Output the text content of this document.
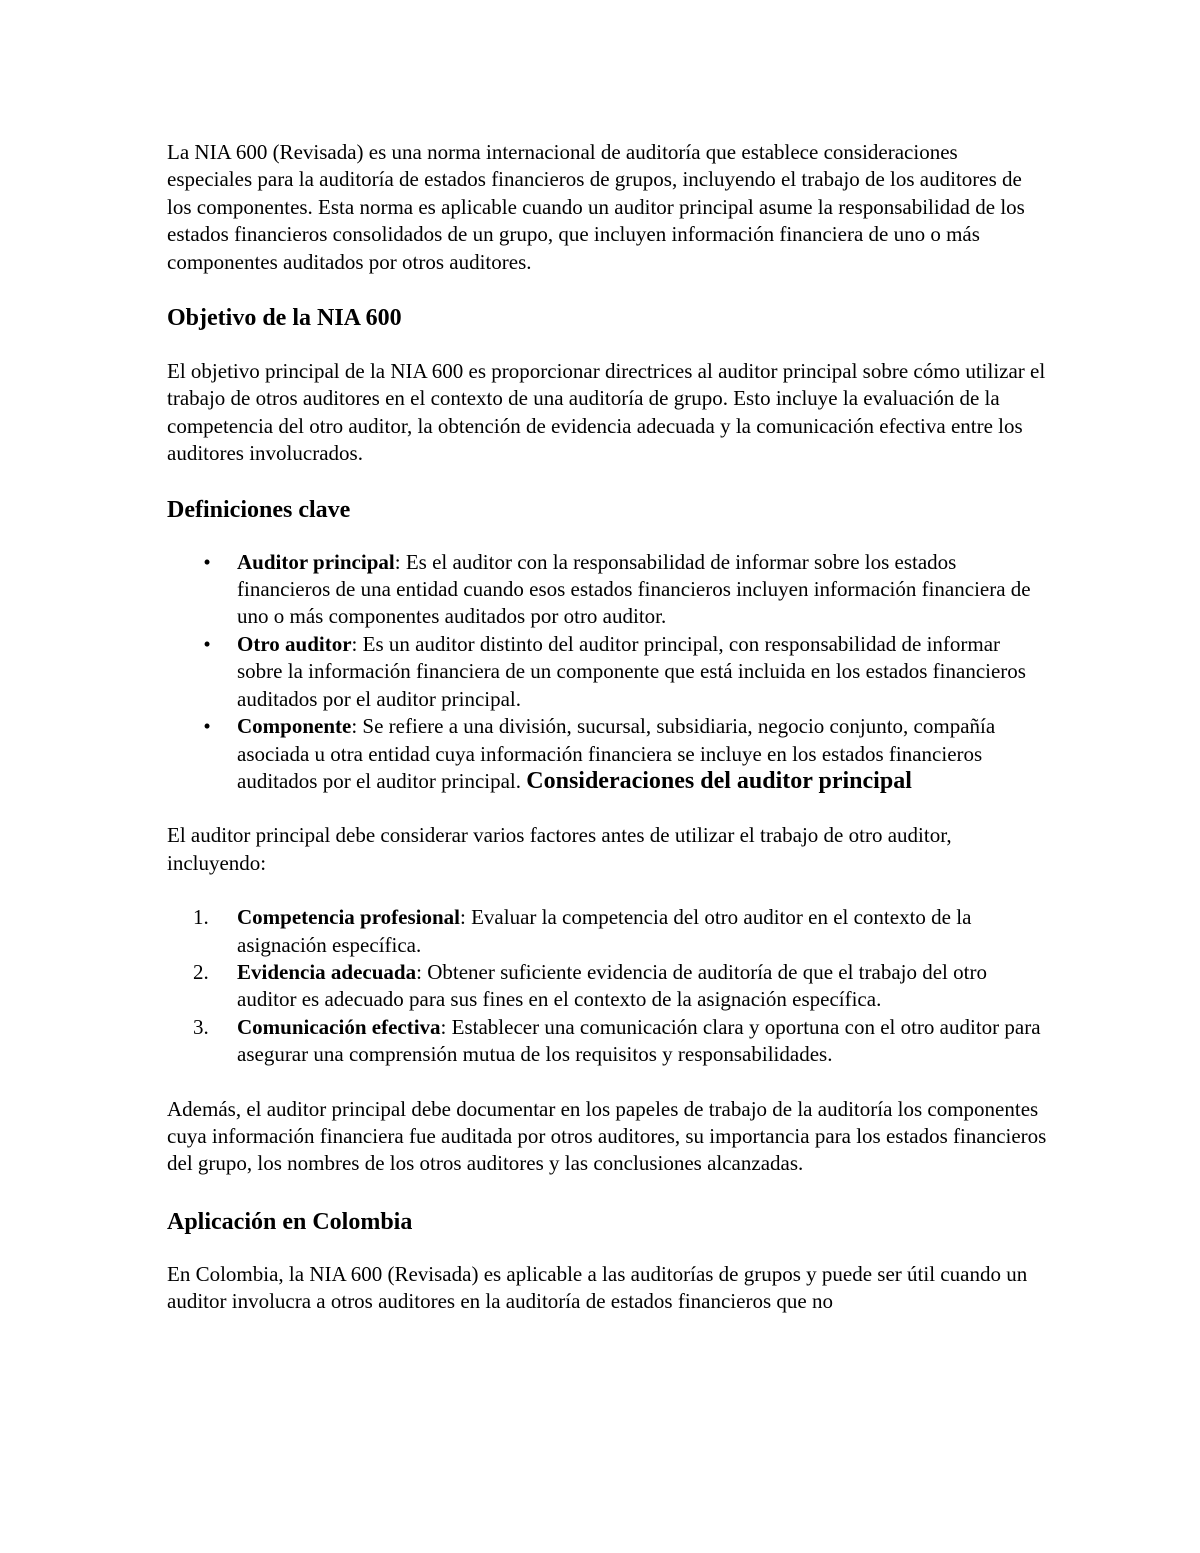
La NIA 600 (Revisada) es una norma internacional de auditoría que establece consideraciones especiales para la auditoría de estados financieros de grupos, incluyendo el trabajo de los auditores de los componentes. Esta norma es aplicable cuando un auditor principal asume la responsabilidad de los estados financieros consolidados de un grupo, que incluyen información financiera de uno o más componentes auditados por otros auditores.

Objetivo de la NIA 600

El objetivo principal de la NIA 600 es proporcionar directrices al auditor principal sobre cómo utilizar el trabajo de otros auditores en el contexto de una auditoría de grupo. Esto incluye la evaluación de la competencia del otro auditor, la obtención de evidencia adecuada y la comunicación efectiva entre los auditores involucrados.

Definiciones clave
• Auditor principal: Es el auditor con la responsabilidad de informar sobre los estados financieros de una entidad cuando esos estados financieros incluyen información financiera de uno o más componentes auditados por otro auditor.
• Otro auditor: Es un auditor distinto del auditor principal, con responsabilidad de informar sobre la información financiera de un componente que está incluida en los estados financieros auditados por el auditor principal.
• Componente: Se refiere a una división, sucursal, subsidiaria, negocio conjunto, compañía asociada u otra entidad cuya información financiera se incluye en los estados financieros auditados por el auditor principal. Consideraciones del auditor principal

El auditor principal debe considerar varios factores antes de utilizar el trabajo de otro auditor, incluyendo:

1.	Competencia profesional: Evaluar la competencia del otro auditor en el contexto de la asignación específica.
2.	Evidencia adecuada: Obtener suficiente evidencia de auditoría de que el trabajo del otro auditor es adecuado para sus fines en el contexto de la asignación específica.
3.	Comunicación efectiva: Establecer una comunicación clara y oportuna con el otro auditor para asegurar una comprensión mutua de los requisitos y responsabilidades.

Además, el auditor principal debe documentar en los papeles de trabajo de la auditoría los componentes cuya información financiera fue auditada por otros auditores, su importancia para los estados financieros del grupo, los nombres de los otros auditores y las conclusiones alcanzadas.

Aplicación en Colombia

En Colombia, la NIA 600 (Revisada) es aplicable a las auditorías de grupos y puede ser útil cuando un auditor involucra a otros auditores en la auditoría de estados financieros que no
